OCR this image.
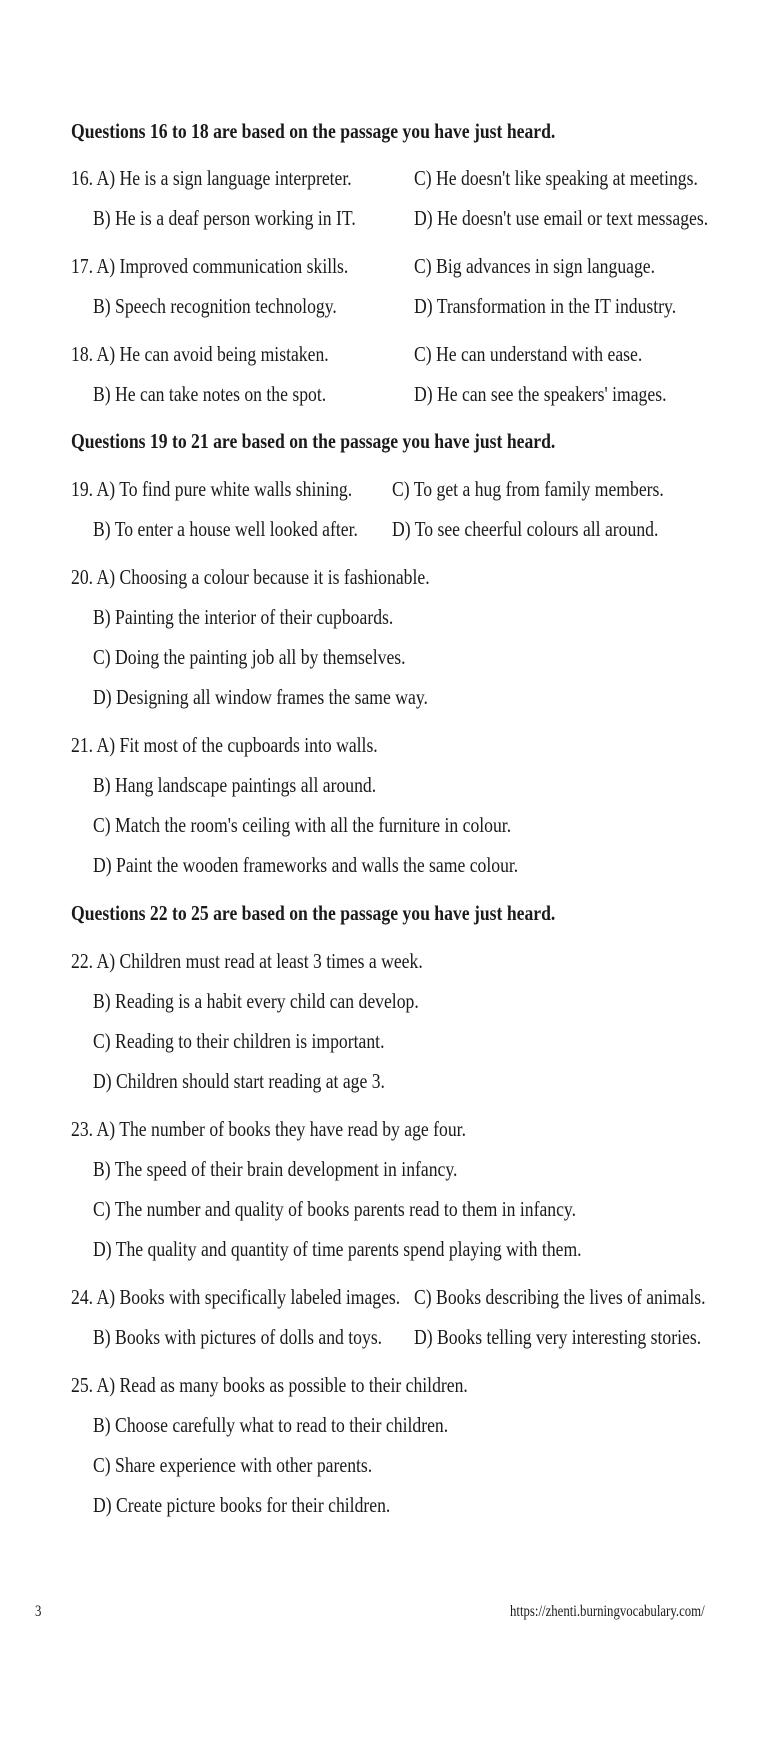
Questions 16 to 18 are based on the passage you have just heard.
16. A) He is a sign language interpreter.	C) He doesn't like speaking at meetings.
B) He is a deaf person working in IT.	D) He doesn't use email or text messages.
17. A) Improved communication skills.	C) Big advances in sign language.
B) Speech recognition technology.	D) Transformation in the IT industry.
18. A) He can avoid being mistaken.	C) He can understand with ease.
B) He can take notes on the spot.	D) He can see the speakers' images.
Questions 19 to 21 are based on the passage you have just heard.
19. A) To find pure white walls shining. C) To get a hug from family members.
B) To enter a house well looked after. D) To see cheerful colours all around.
20. A) Choosing a colour because it is fashionable.
B) Painting the interior of their cupboards.
C) Doing the painting job all by themselves.
D) Designing all window frames the same way.
21. A) Fit most of the cupboards into walls.
B) Hang landscape paintings all around.
C) Match the room's ceiling with all the furniture in colour.
D) Paint the wooden frameworks and walls the same colour.
Questions 22 to 25 are based on the passage you have just heard.
22. A) Children must read at least 3 times a week.
B) Reading is a habit every child can develop.
C) Reading to their children is important.
D) Children should start reading at age 3.
23. A) The number of books they have read by age four.
B) The speed of their brain development in infancy.
C) The number and quality of books parents read to them in infancy.
D) The quality and quantity of time parents spend playing with them.
24. A) Books with specifically labeled images. C) Books describing the lives of animals.
B) Books with pictures of dolls and toys. D) Books telling very interesting stories.
25. A) Read as many books as possible to their children.
B) Choose carefully what to read to their children.
C) Share experience with other parents.
D) Create picture books for their children.
3	https://zhenti.burningvocabulary.com/
